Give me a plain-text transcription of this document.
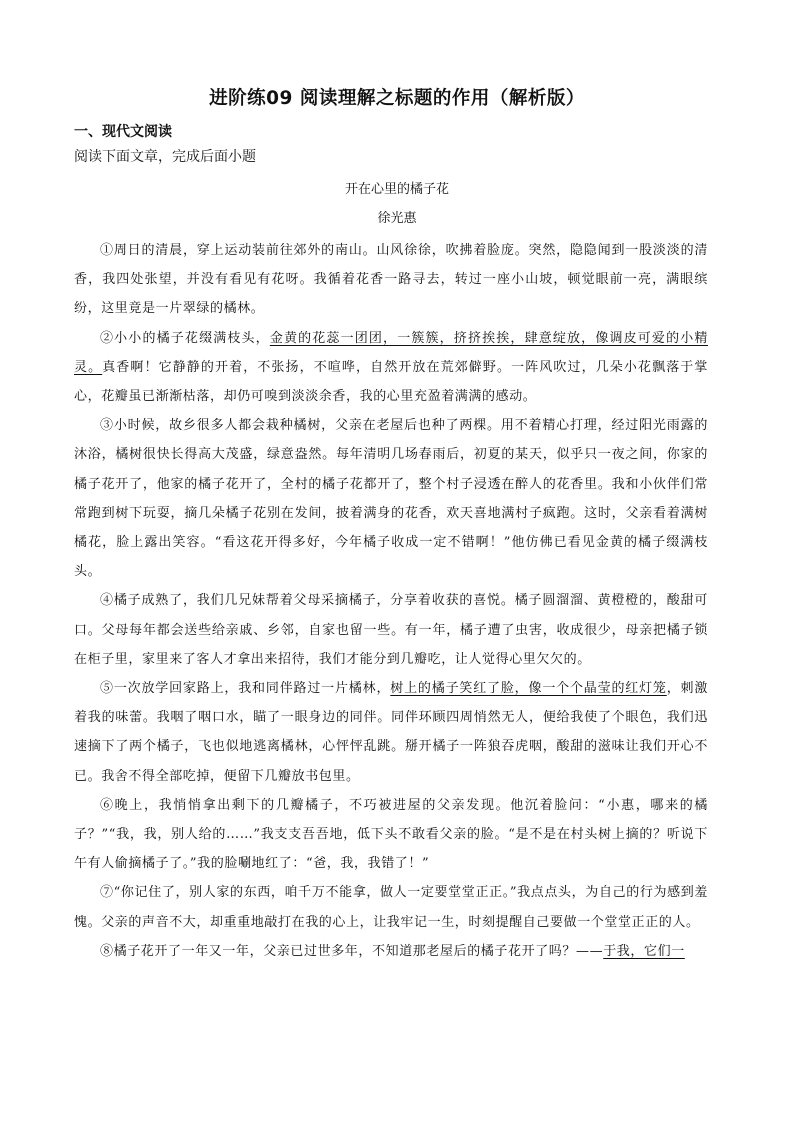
进阶练09 阅读理解之标题的作用（解析版）
一、现代文阅读
阅读下面文章，完成后面小题
开在心里的橘子花
徐光惠

①周日的清晨，穿上运动装前往郊外的南山。山风徐徐，吹拂着脸庞。突然，隐隐闻到一股淡淡的清香，我四处张望，并没有看见有花呀。我循着花香一路寻去，转过一座小山坡，顿觉眼前一亮，满眼缤纷，这里竟是一片翠绿的橘林。

②小小的橘子花缀满枝头，金黄的花蕊一团团，一簇簇，挤挤挨挨，肆意绽放，像调皮可爱的小精灵。真香啊！它静静的开着，不张扬，不喧哗，自然开放在荒郊僻野。一阵风吹过，几朵小花飘落于掌心，花瓣虽已渐渐枯落，却仍可嗅到淡淡余香，我的心里充盈着满满的感动。

③小时候，故乡很多人都会栽种橘树，父亲在老屋后也种了两棵。用不着精心打理，经过阳光雨露的沐浴，橘树很快长得高大茂盛，绿意盎然。每年清明几场春雨后，初夏的某天，似乎只一夜之间，你家的橘子花开了，他家的橘子花开了，全村的橘子花都开了，整个村子浸透在醉人的花香里。我和小伙伴们常常跑到树下玩耍，摘几朵橘子花别在发间，披着满身的花香，欢天喜地满村子疯跑。这时，父亲看着满树橘花，脸上露出笑容。“看这花开得多好，今年橘子收成一定不错啊！”他仿佛已看见金黄的橘子缀满枝头。

④橘子成熟了，我们几兄妹帮着父母采摘橘子，分享着收获的喜悦。橘子圆溜溜、黄橙橙的，酸甜可口。父母每年都会送些给亲戚、乡邻，自家也留一些。有一年，橘子遭了虫害，收成很少，母亲把橘子锁在柜子里，家里来了客人才拿出来招待，我们才能分到几瓣吃，让人觉得心里欠欠的。

⑤一次放学回家路上，我和同伴路过一片橘林，树上的橘子笑红了脸，像一个个晶莹的红灯笼，刺激着我的味蕾。我咽了咽口水，瞄了一眼身边的同伴。同伴环顾四周悄然无人，便给我使了个眼色，我们迅速摘下了两个橘子，飞也似地逃离橘林，心怦怦乱跳。掰开橘子一阵狼吞虎咽，酸甜的滋味让我们开心不已。我舍不得全部吃掉，便留下几瓣放书包里。

⑥晚上，我悄悄拿出剩下的几瓣橘子，不巧被进屋的父亲发现。他沉着脸问：“小惠，哪来的橘子？”“我，我，别人给的……”我支支吾吾地，低下头不敢看父亲的脸。“是不是在村头树上摘的？听说下午有人偷摘橘子了。”我的脸唰地红了：“爸，我，我错了！”

⑦“你记住了，别人家的东西，咱千万不能拿，做人一定要堂堂正正。”我点点头，为自己的行为感到羞愧。父亲的声音不大，却重重地敲打在我的心上，让我牢记一生，时刻提醒自己要做一个堂堂正正的人。

⑧橘子花开了一年又一年，父亲已过世多年，不知道那老屋后的橘子花开了吗？——于我，它们一
